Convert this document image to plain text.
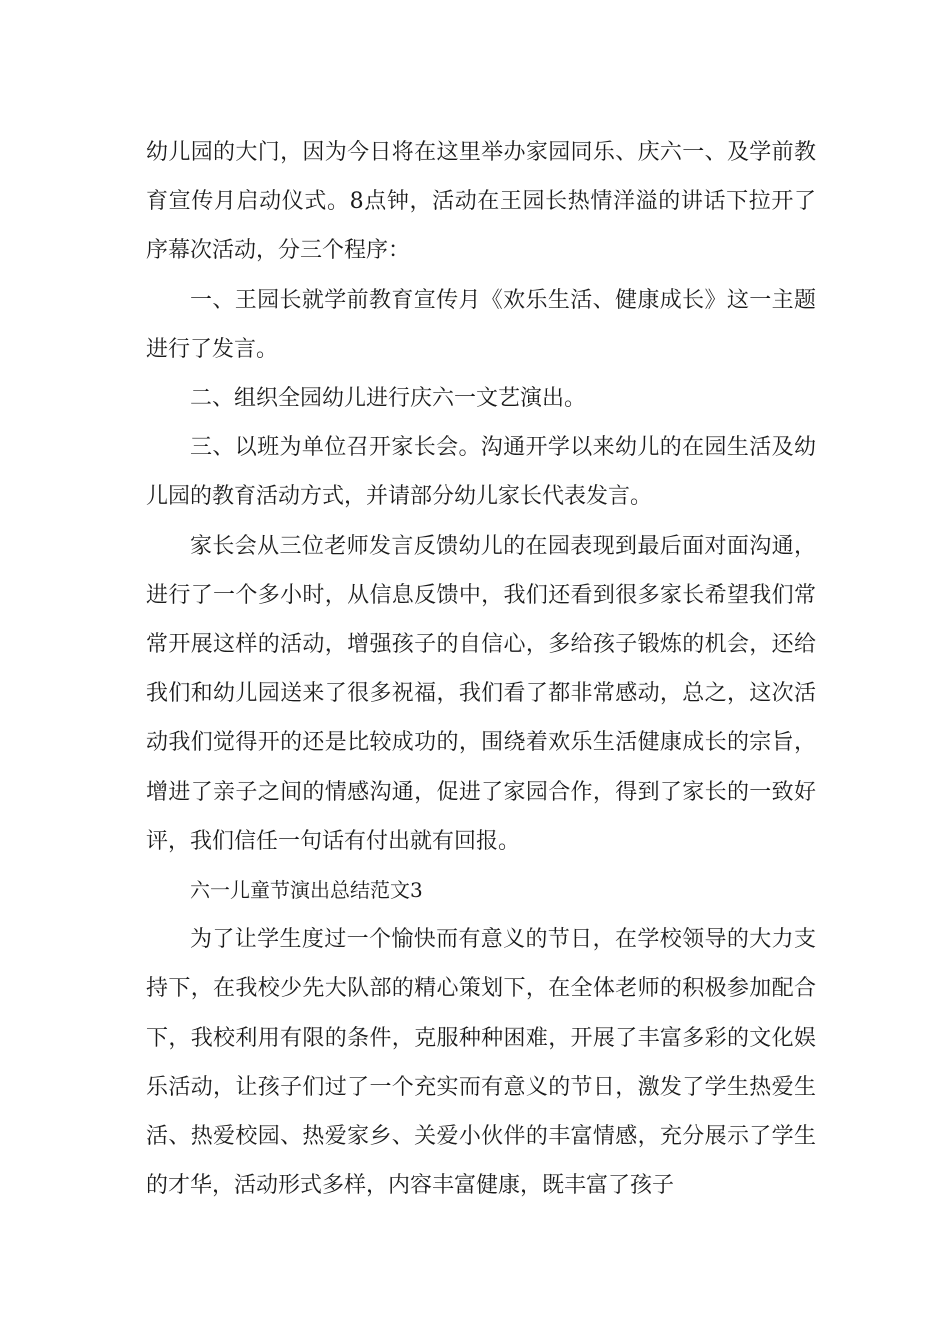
幼儿园的大门，因为今日将在这里举办家园同乐、庆六一、及学前教育宣传月启动仪式。8点钟，活动在王园长热情洋溢的讲话下拉开了序幕次活动，分三个程序：

一、王园长就学前教育宣传月《欢乐生活、健康成长》这一主题进行了发言。

二、组织全园幼儿进行庆六一文艺演出。

三、以班为单位召开家长会。沟通开学以来幼儿的在园生活及幼儿园的教育活动方式，并请部分幼儿家长代表发言。

家长会从三位老师发言反馈幼儿的在园表现到最后面对面沟通，进行了一个多小时，从信息反馈中，我们还看到很多家长希望我们常常开展这样的活动，增强孩子的自信心，多给孩子锻炼的机会，还给我们和幼儿园送来了很多祝福，我们看了都非常感动，总之，这次活动我们觉得开的还是比较成功的，围绕着欢乐生活健康成长的宗旨，增进了亲子之间的情感沟通，促进了家园合作，得到了家长的一致好评，我们信任一句话有付出就有回报。

六一儿童节演出总结范文3

为了让学生度过一个愉快而有意义的节日，在学校领导的大力支持下，在我校少先大队部的精心策划下，在全体老师的积极参加配合下，我校利用有限的条件，克服种种困难，开展了丰富多彩的文化娱乐活动，让孩子们过了一个充实而有意义的节日，激发了学生热爱生活、热爱校园、热爱家乡、关爱小伙伴的丰富情感，充分展示了学生的才华，活动形式多样，内容丰富健康，既丰富了孩子
